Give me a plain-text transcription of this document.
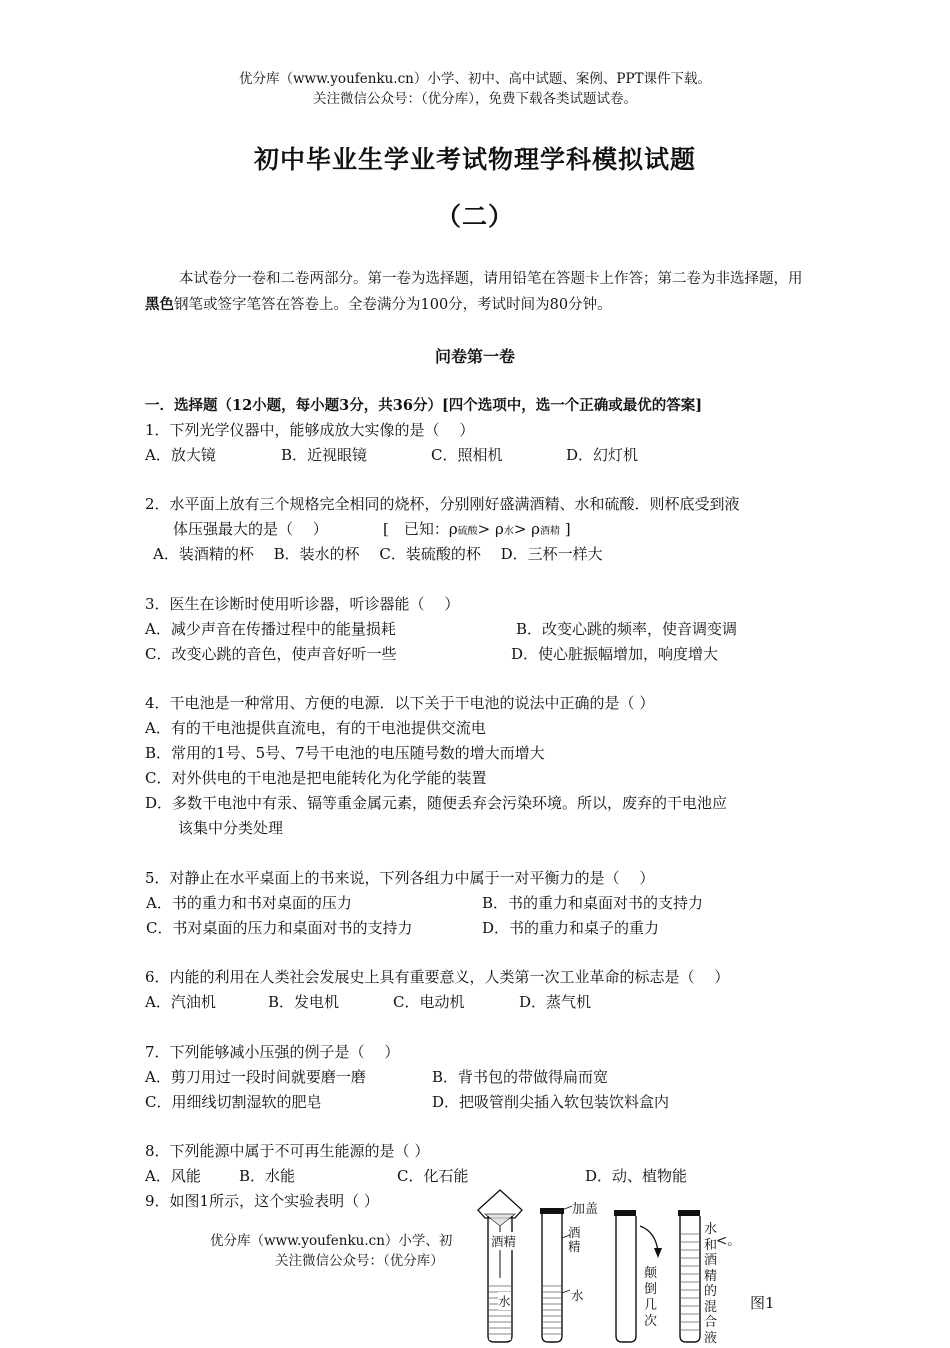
优分库（www.youfenku.cn）小学、初中、高中试题、案例、PPT课件下载。
关注微信公众号：（优分库），免费下载各类试题试卷。
初中毕业生学业考试物理学科模拟试题
（二）
本试卷分一卷和二卷两部分。第一卷为选择题，请用铅笔在答题卡上作答；第二卷为非选择题，用黑色钢笔或签字笔答在答卷上。全卷满分为100分，考试时间为80分钟。
问卷第一卷
一．选择题（12小题，每小题3分，共36分）[四个选项中，选一个正确或最优的答案]
1．下列光学仪器中，能够成放大实像的是（　 ）
A．放大镜	B．近视眼镜	C．照相机	D．幻灯机
2．水平面上放有三个规格完全相同的烧杯，分别刚好盛满酒精、水和硫酸．则杯底受到液
体压强最大的是（　 ）	[　已知：ρ硫酸> ρ水> ρ酒精 ]
A．装酒精的杯　 B．装水的杯　 C．装硫酸的杯　 D．三杯一样大
3．医生在诊断时使用听诊器，听诊器能（　 ）
A．减少声音在传播过程中的能量损耗	B．改变心跳的频率，使音调变调
C．改变心跳的音色，使声音好听一些	D．使心脏振幅增加，响度增大
4．干电池是一种常用、方便的电源．以下关于干电池的说法中正确的是（ ）
A．有的干电池提供直流电，有的干电池提供交流电
B．常用的1号、5号、7号干电池的电压随号数的增大而增大
C．对外供电的干电池是把电能转化为化学能的装置
D．多数干电池中有汞、镉等重金属元素，随便丢弃会污染环境。所以，废弃的干电池应
该集中分类处理
5．对静止在水平桌面上的书来说，下列各组力中属于一对平衡力的是（　 ）
A．书的重力和书对桌面的压力	B．书的重力和桌面对书的支持力
C．书对桌面的压力和桌面对书的支持力	D．书的重力和桌子的重力
6．内能的利用在人类社会发展史上具有重要意义，人类第一次工业革命的标志是（　 ）
A．汽油机	B．发电机	C．电动机	D．蒸气机
7．下列能够减小压强的例子是（　 ）
A．剪刀用过一段时间就要磨一磨	B．背书包的带做得扁而宽
C．用细线切割湿软的肥皂	D．把吸管削尖插入软包装饮料盒内
8．下列能源中属于不可再生能源的是（ ）
A．风能	B．水能	C．化石能	D．动、植物能
9．如图1所示，这个实验表明（ ）
优分库（www.youfenku.cn）小学、初	<。
关注微信公众号：（优分库）
加盖
酒精
酒
精
水	水
颠
倒
几
次
水
和
酒
精
的
混
合
液
图1
